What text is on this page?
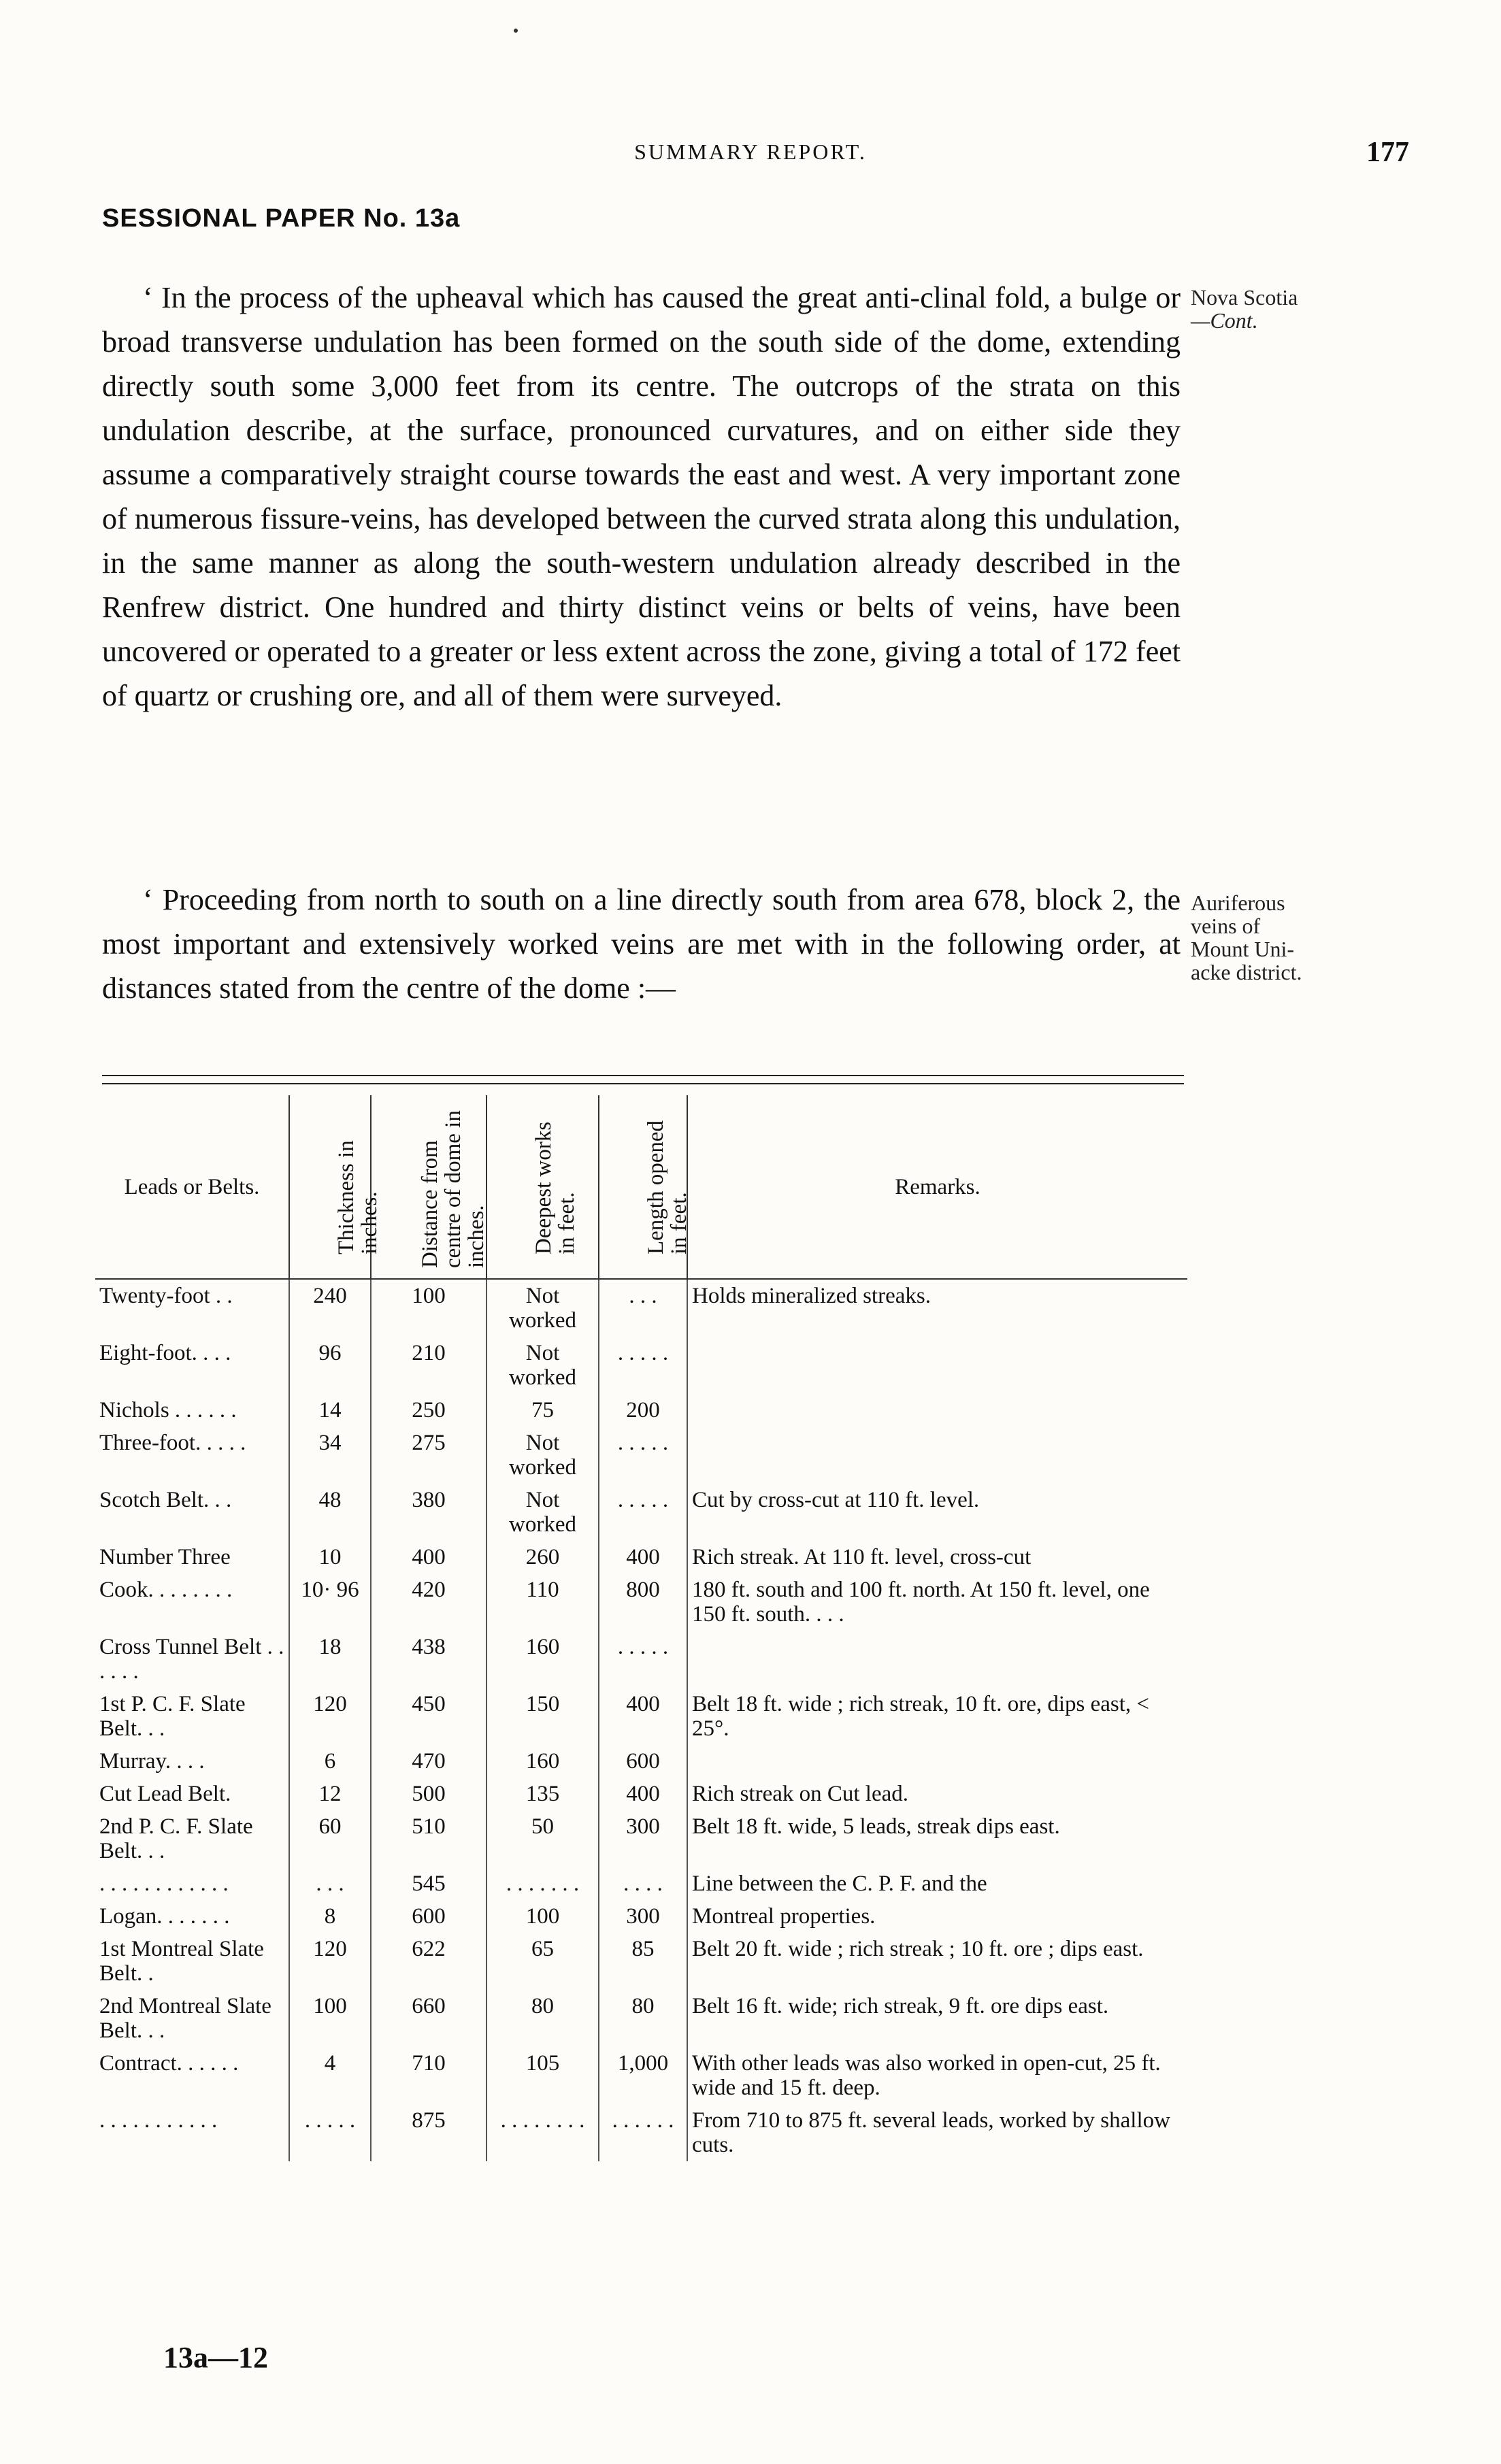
SUMMARY REPORT.	177
SESSIONAL PAPER No. 13a

‘ In the process of the upheaval which has caused the great anti-clinal fold, a bulge or broad transverse undulation has been formed on the south side of the dome, extending directly south some 3,000 feet from its centre. The outcrops of the strata on this undulation describe, at the surface, pronounced curvatures, and on either side they assume a comparatively straight course towards the east and west. A very important zone of numerous fissure-veins, has developed between the curved strata along this undulation, in the same manner as along the south-western undulation already described in the Renfrew district. One hundred and thirty distinct veins or belts of veins, have been uncovered or operated to a greater or less extent across the zone, giving a total of 172 feet of quartz or crushing ore, and all of them were surveyed.

‘ Proceeding from north to south on a line directly south from area 678, block 2, the most important and extensively worked veins are met with in the following order, at distances stated from the centre of the dome :—

Nova Scotia
—Cont.
Auriferous
veins of
Mount Uni-
acke district.
Leads or Belts.	Thickness in inches.	Distance from centre of dome in inches.	Deepest works in feet.	Length opened in feet.	Remarks.
Twenty-foot . .	240	100	Not worked	. . .	Holds mineralized streaks.
Eight-foot. . . .	96	210	Not worked	. . . . .	
Nichols . . . . . .	14	250	75	200	
Three-foot. . . . .	34	275	Not worked	. . . . .	
Scotch Belt. . .	48	380	Not worked	. . . . .	Cut by cross-cut at 110 ft. level.
Number Three	10	400	260	400	Rich streak. At 110 ft. level, cross-cut
Cook. . . . . . . .	10· 96	420	110	800	180 ft. south and 100 ft. north. At 150 ft. level, one 150 ft. south. . . .
Cross Tunnel Belt . . . . . .	18	438	160	. . . . .	
1st P. C. F. Slate Belt. . .	120	450	150	400	Belt 18 ft. wide ; rich streak, 10 ft. ore, dips east, < 25°.
Murray. . . .	6	470	160	600	
Cut Lead Belt.	12	500	135	400	Rich streak on Cut lead.
2nd P. C. F. Slate Belt. . .	60	510	50	300	Belt 18 ft. wide, 5 leads, streak dips east.
. . . . . . . . . . . .	. . .	545	. . . . . . .	. . . .	Line between the C. P. F. and the
Logan. . . . . . .	8	600	100	300	Montreal properties.
1st Montreal Slate Belt. .	120	622	65	85	Belt 20 ft. wide ; rich streak ; 10 ft. ore ; dips east.
2nd Montreal Slate Belt. . .	100	660	80	80	Belt 16 ft. wide; rich streak, 9 ft. ore dips east.
Contract. . . . . .	4	710	105	1,000	With other leads was also worked in open-cut, 25 ft. wide and 15 ft. deep.
. . . . . . . . . . .	. . . . .	875	. . . . . . . .	. . . . . .	From 710 to 875 ft. several leads, worked by shallow cuts.
13a—12
